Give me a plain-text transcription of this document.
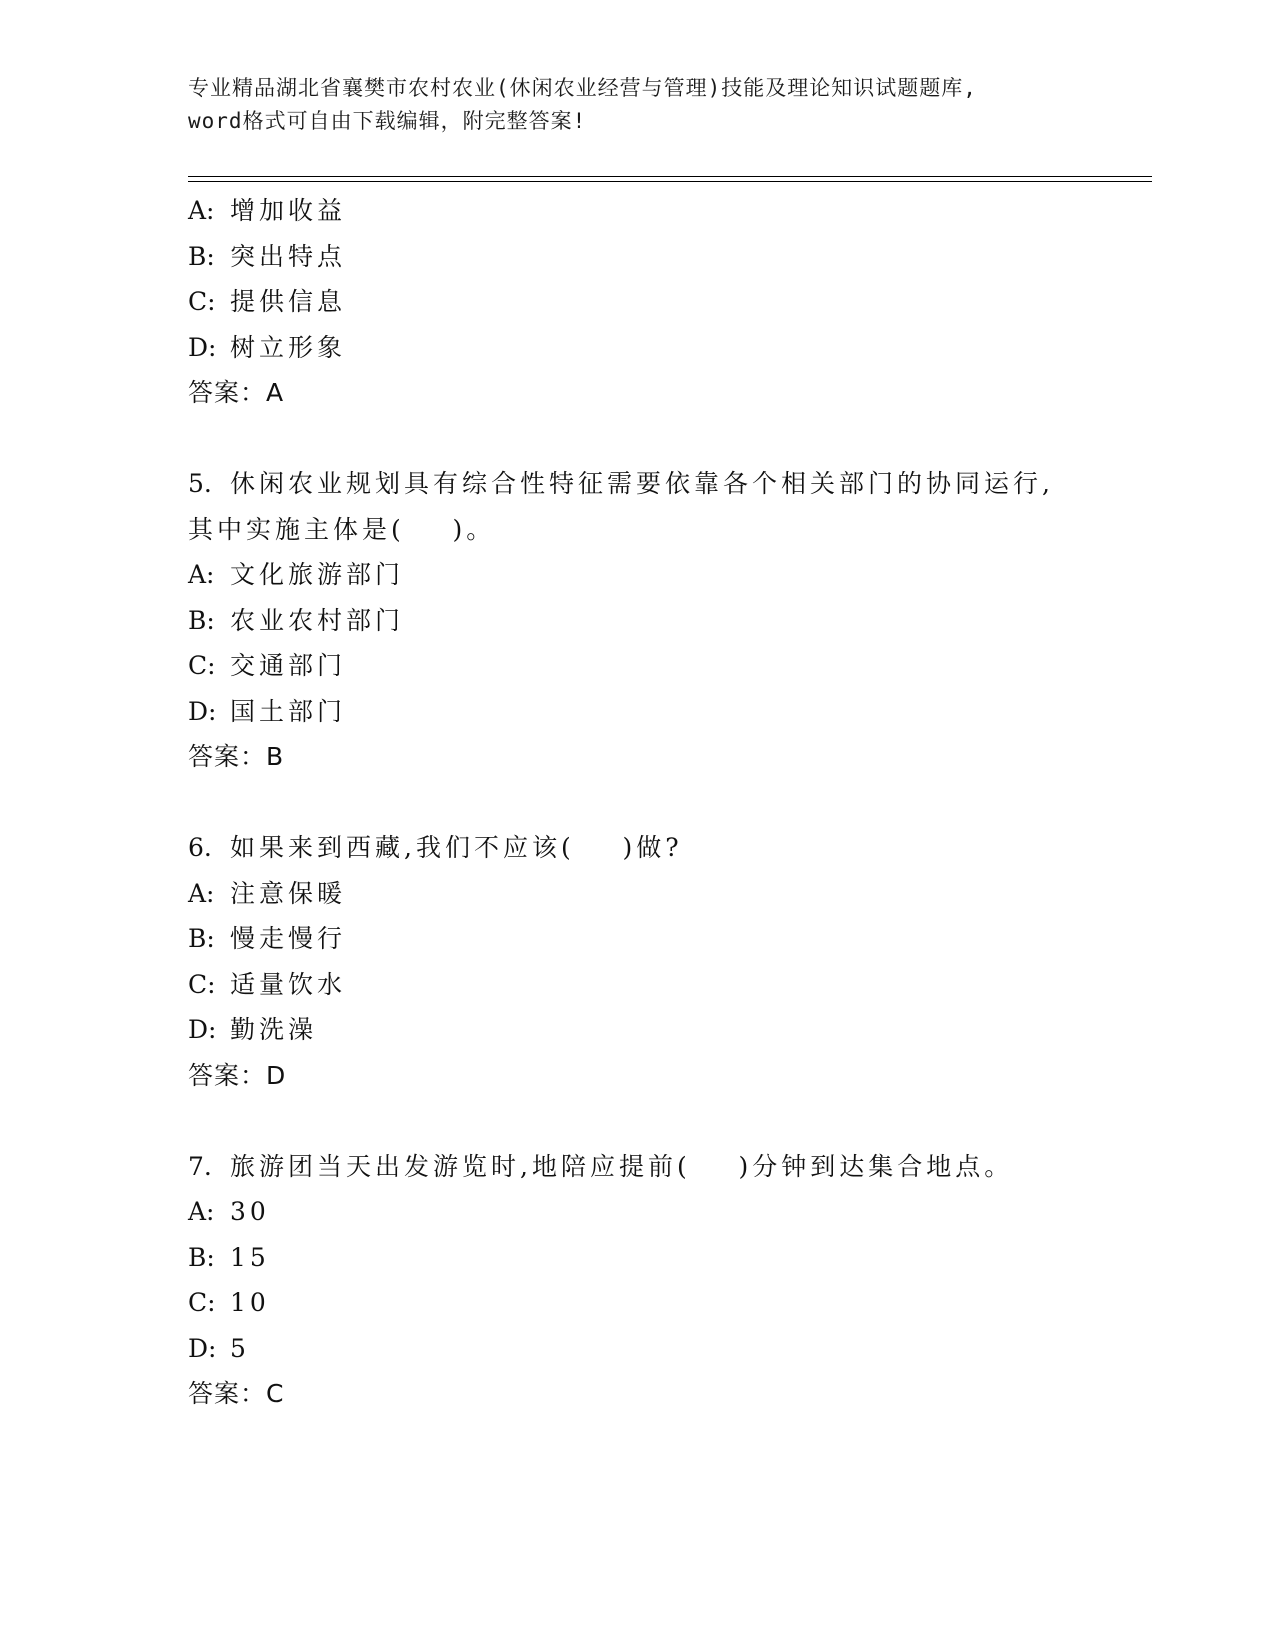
专业精品湖北省襄樊市农村农业(休闲农业经营与管理)技能及理论知识试题题库,
word格式可自由下载编辑，附完整答案!
A: 增加收益
B: 突出特点
C: 提供信息
D: 树立形象
答案：A
5. 休闲农业规划具有综合性特征需要依靠各个相关部门的协同运行,
其中实施主体是(    )。
A: 文化旅游部门
B: 农业农村部门
C: 交通部门
D: 国土部门
答案：B
6. 如果来到西藏,我们不应该(    )做?
A: 注意保暖
B: 慢走慢行
C: 适量饮水
D: 勤洗澡
答案：D
7. 旅游团当天出发游览时,地陪应提前(    )分钟到达集合地点。
A: 30
B: 15
C: 10
D: 5
答案：C
